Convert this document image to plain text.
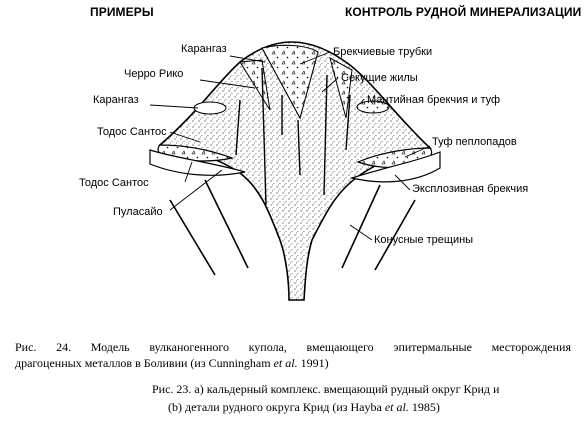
ПРИМЕРЫ	КОНТРОЛЬ РУДНОЙ МИНЕРАЛИЗАЦИИ
Карангаз
Черро Рико
Карангаз
Тодос Сантос
Тодос Сантос
Пуласайо
Брекчиевые трубки
Секущие жилы
Мантийная брекчия и туф
Туф пеплопадов
Эксплозивная брекчия
Конусные трещины
Рис. 24. Модель вулканогенного купола, вмещающего эпитермальные месторождения
драгоценных металлов в Боливии (из Cunningham et al. 1991)
Рис. 23. а) кальдерный комплекс. вмещающий рудный округ Крид и
(b) детали рудного округа Крид (из Hayba et al. 1985)
